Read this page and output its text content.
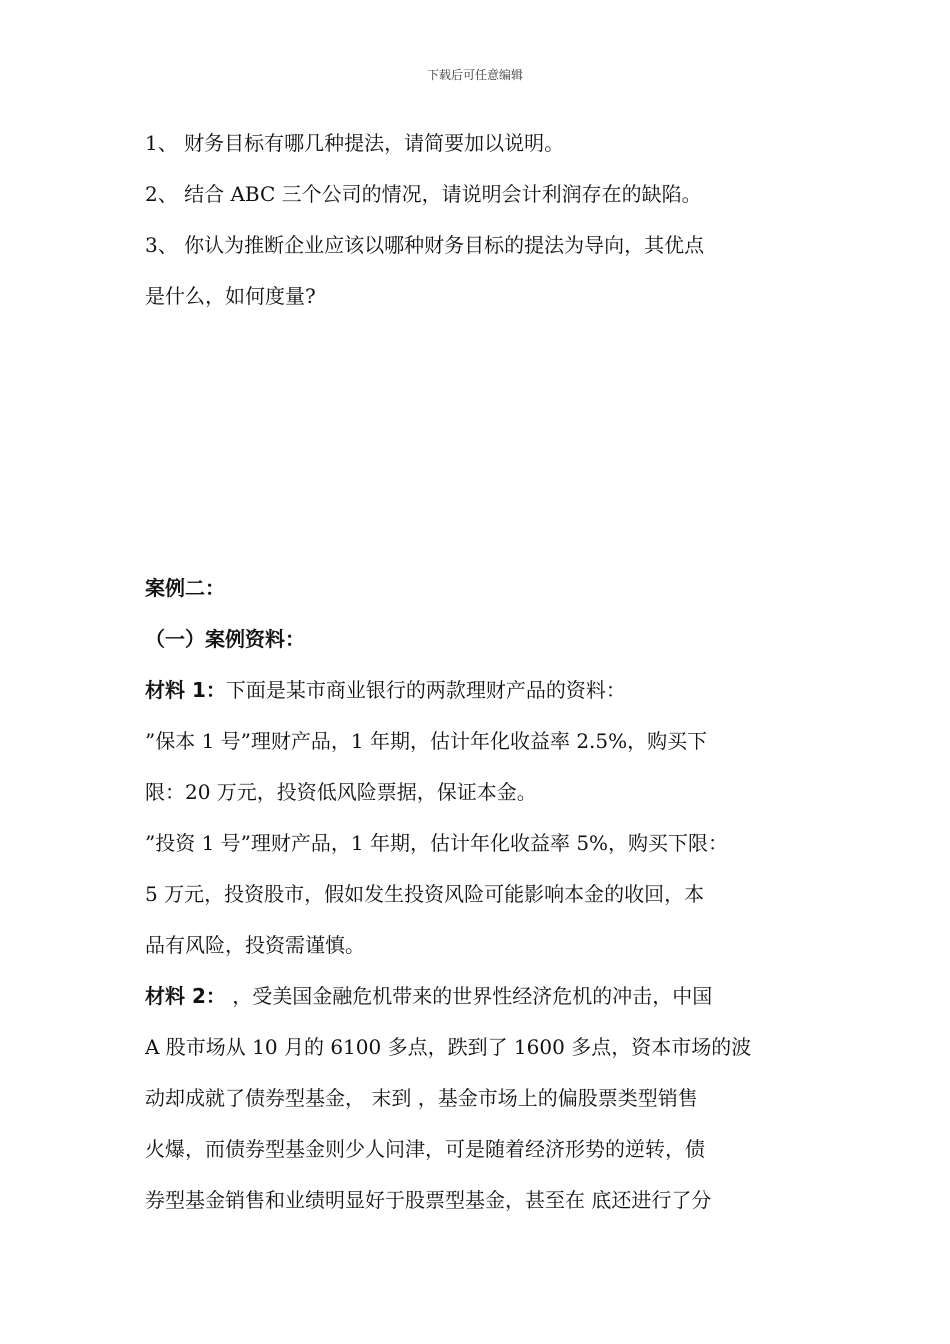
下载后可任意编辑
1、 财务目标有哪几种提法，请简要加以说明。
2、 结合 ABC 三个公司的情况，请说明会计利润存在的缺陷。
3、 你认为推断企业应该以哪种财务目标的提法为导向，其优点
是什么，如何度量?
案例二：
（一）案例资料：
材料 1：下面是某市商业银行的两款理财产品的资料：
”保本 1 号”理财产品，1 年期，估计年化收益率 2.5%，购买下
限：20 万元，投资低风险票据，保证本金。
”投资 1 号”理财产品，1 年期，估计年化收益率 5%，购买下限：
5 万元，投资股市，假如发生投资风险可能影响本金的收回，本
品有风险，投资需谨慎。
材料 2： ，受美国金融危机带来的世界性经济危机的冲击，中国
A 股市场从 10 月的 6100 多点，跌到了 1600 多点，资本市场的波
动却成就了债券型基金， 末到 ，基金市场上的偏股票类型销售
火爆，而债券型基金则少人问津，可是随着经济形势的逆转，债
券型基金销售和业绩明显好于股票型基金，甚至在 底还进行了分
